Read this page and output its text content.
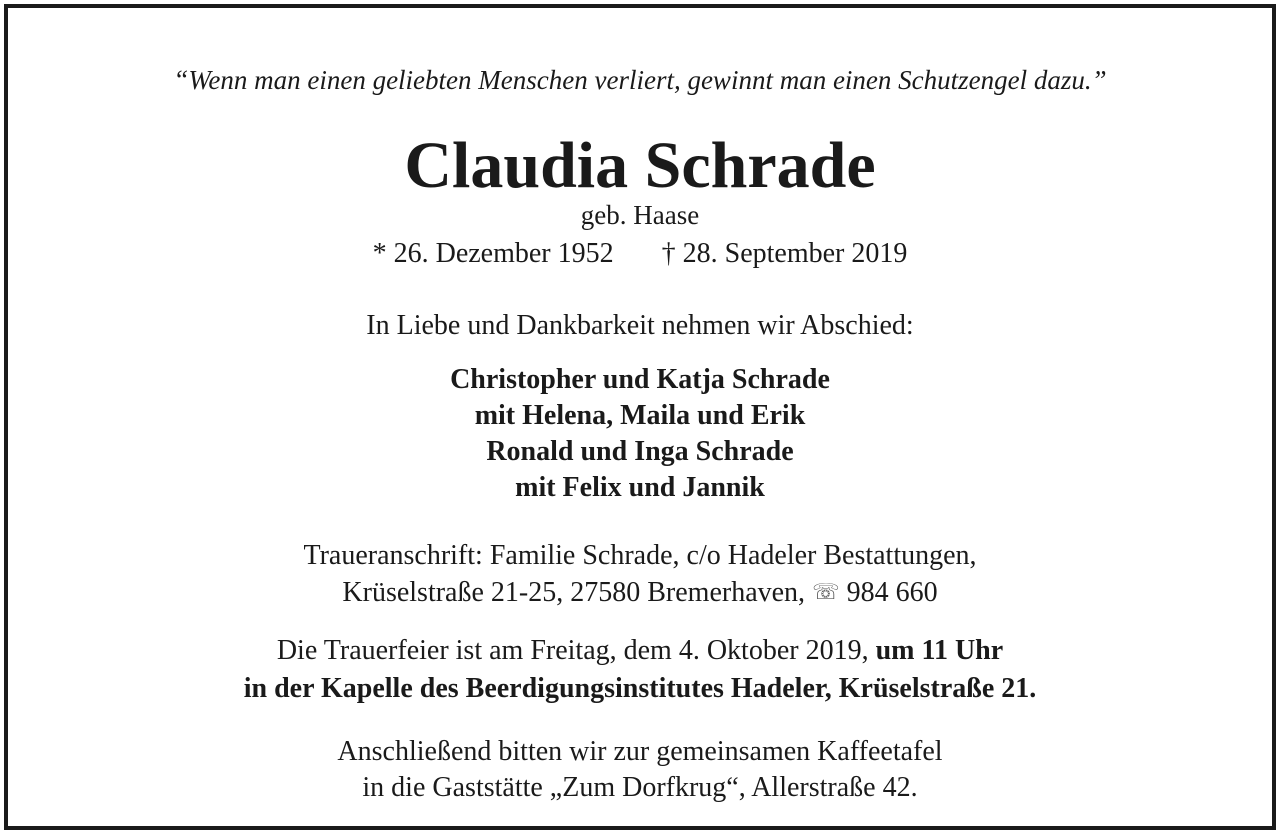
“Wenn man einen geliebten Menschen verliert, gewinnt man einen Schutzengel dazu.”
Claudia Schrade
geb. Haase
* 26. Dezember 1952 † 28. September 2019
In Liebe und Dankbarkeit nehmen wir Abschied:
Christopher und Katja Schrade
mit Helena, Maila und Erik
Ronald und Inga Schrade
mit Felix und Jannik
Traueranschrift: Familie Schrade, c/o Hadeler Bestattungen,
Krüselstraße 21-25, 27580 Bremerhaven, ☏ 984 660
Die Trauerfeier ist am Freitag, dem 4. Oktober 2019, um 11 Uhr
in der Kapelle des Beerdigungsinstitutes Hadeler, Krüselstraße 21.
Anschließend bitten wir zur gemeinsamen Kaffeetafel
in die Gaststätte „Zum Dorfkrug“, Allerstraße 42.
